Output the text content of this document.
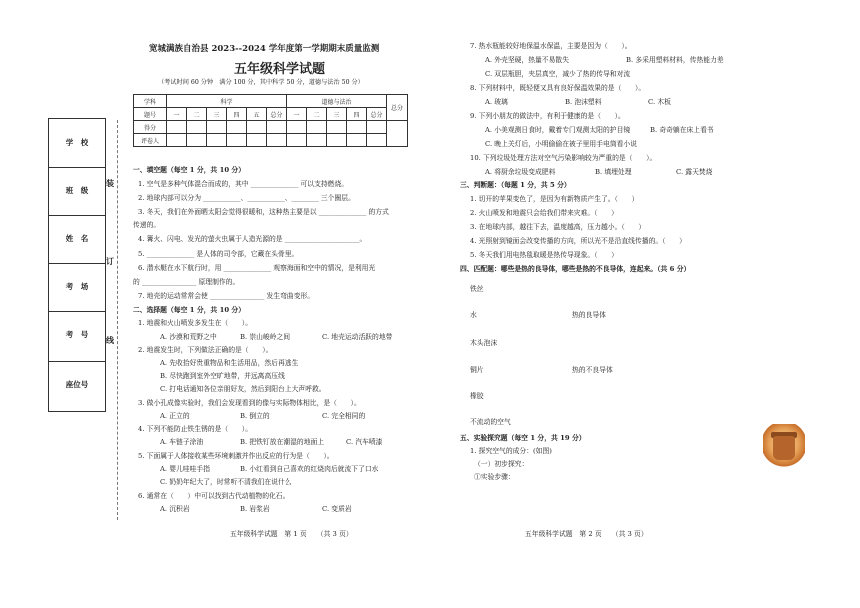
学　校
班　级
姓　名
考　场
考　号
座位号
装
订
线
宽城满族自治县 2023--2024 学年度第一学期期末质量监测
五年级科学试题
（考试时间 60 分钟　满分 100 分，其中科学 50 分，道德与法治 50 分）
学科	科学						道德与法治					总分
题号	一	二	三	四	五	总分	一	二	三	四	总分	
得分												
评卷人												
一、填空题（每空 1 分，共 10 分）
1. 空气是多种气体混合而成的，其中 ______________ 可以支持燃烧。
2. 地球内部可以分为 ___________、___________、________ 三个圈层。
3. 冬天，我们在外面晒太阳会觉得很暖和，这种热主要是以 ______________ 的方式
传递的。
4. 篝火、闪电、发光的萤火虫属于人造光源的是 ______________________。
5. ______________ 是人体的司令部，它藏在头骨里。
6. 潜水艇在水下航行时，用 ______________ 观察海面和空中的情况，是利用光
的 ________________ 原理制作的。
7. 地壳的运动常常会使 ________________ 发生弯曲变形。
二、选择题（每空 1 分，共 10 分）
1. 地震和火山喷发多发生在（　　）。
A. 沙漠和荒野之中	B. 崇山峻岭之间	C. 地壳运动活跃的地带
2. 地震发生时，下列做法正确的是（　　）。
A. 先收拾好贵重物品和生活用品，然后再逃生
B. 尽快跑到室外空旷地带，并远离高压线
C. 打电话通知各位亲朋好友，然后到阳台上大声呼救。
3. 做小孔成像实验时，我们会发现看到的像与实际物体相比，是（　　）。
A. 正立的	B. 倒立的	C. 完全相同的
4. 下列不能防止铁生锈的是（　　）。
A. 车链子涂油	B. 把铁钉放在潮湿的地面上	C. 汽车喷漆
5. 下面属于人体接收某些环境刺激并作出反应的行为是（　　）。
A. 婴儿哇哇手指	B. 小红看到自己喜欢的红烧肉后就流下了口水
C. 奶奶年纪大了，时常听不清我们在说什么
6. 通常在（　　）中可以找到古代动植物的化石。
A. 沉积岩	B. 岩浆岩	C. 变质岩
五年级科学试题　第 1 页　　（共 3 页）
7. 热水瓶能较好地保温水保温，主要是因为（　　）。
A. 外壳坚硬，热量不易散失	B. 多采用塑料材料，传热能力差
C. 双层瓶胆，夹层真空，减少了热的传导和对流
8. 下列材料中，既轻便又具有良好保温效果的是（　　）。
A. 玻璃	B. 泡沫塑料	C. 木板
9. 下列小朋友的做法中，有利于健康的是（　　）。
A. 小美观测日食时，戴着专门观测太阳的护目镜	B. 奇奇躺在床上看书
C. 晚上关灯后，小明偷偷在被子里用手电筒看小说
10. 下列垃圾处理方法对空气污染影响较为严重的是（　　）。
A. 将厨余垃圾变成肥料	B. 填埋处理	C. 露天焚烧
三、判断题：（每题 1 分，共 5 分）
1. 切开的苹果变色了，是因为有新物质产生了。（　　）
2. 火山喷发和地震只会给我们带来灾难。（　　）
3. 在地球内部，越往下去，温度越高，压力越小。（　　）
4. 光照射到镜面会改变传播的方向，所以光不是沿直线传播的。（　　）
5. 冬天我们用电热毯取暖是热传导现象。（　　）
四、匹配题：哪些是热的良导体，哪些是热的不良导体，连起来。（共 6 分）
铁丝
水
木头泡沫
铜片
橡胶
不流动的空气
热的良导体
热的不良导体
五、实验探究题（每空 1 分，共 19 分）
1. 探究空气的成分：(如图)
（一）初步探究：
①实验步骤：
五年级科学试题　第 2 页　　（共 3 页）
